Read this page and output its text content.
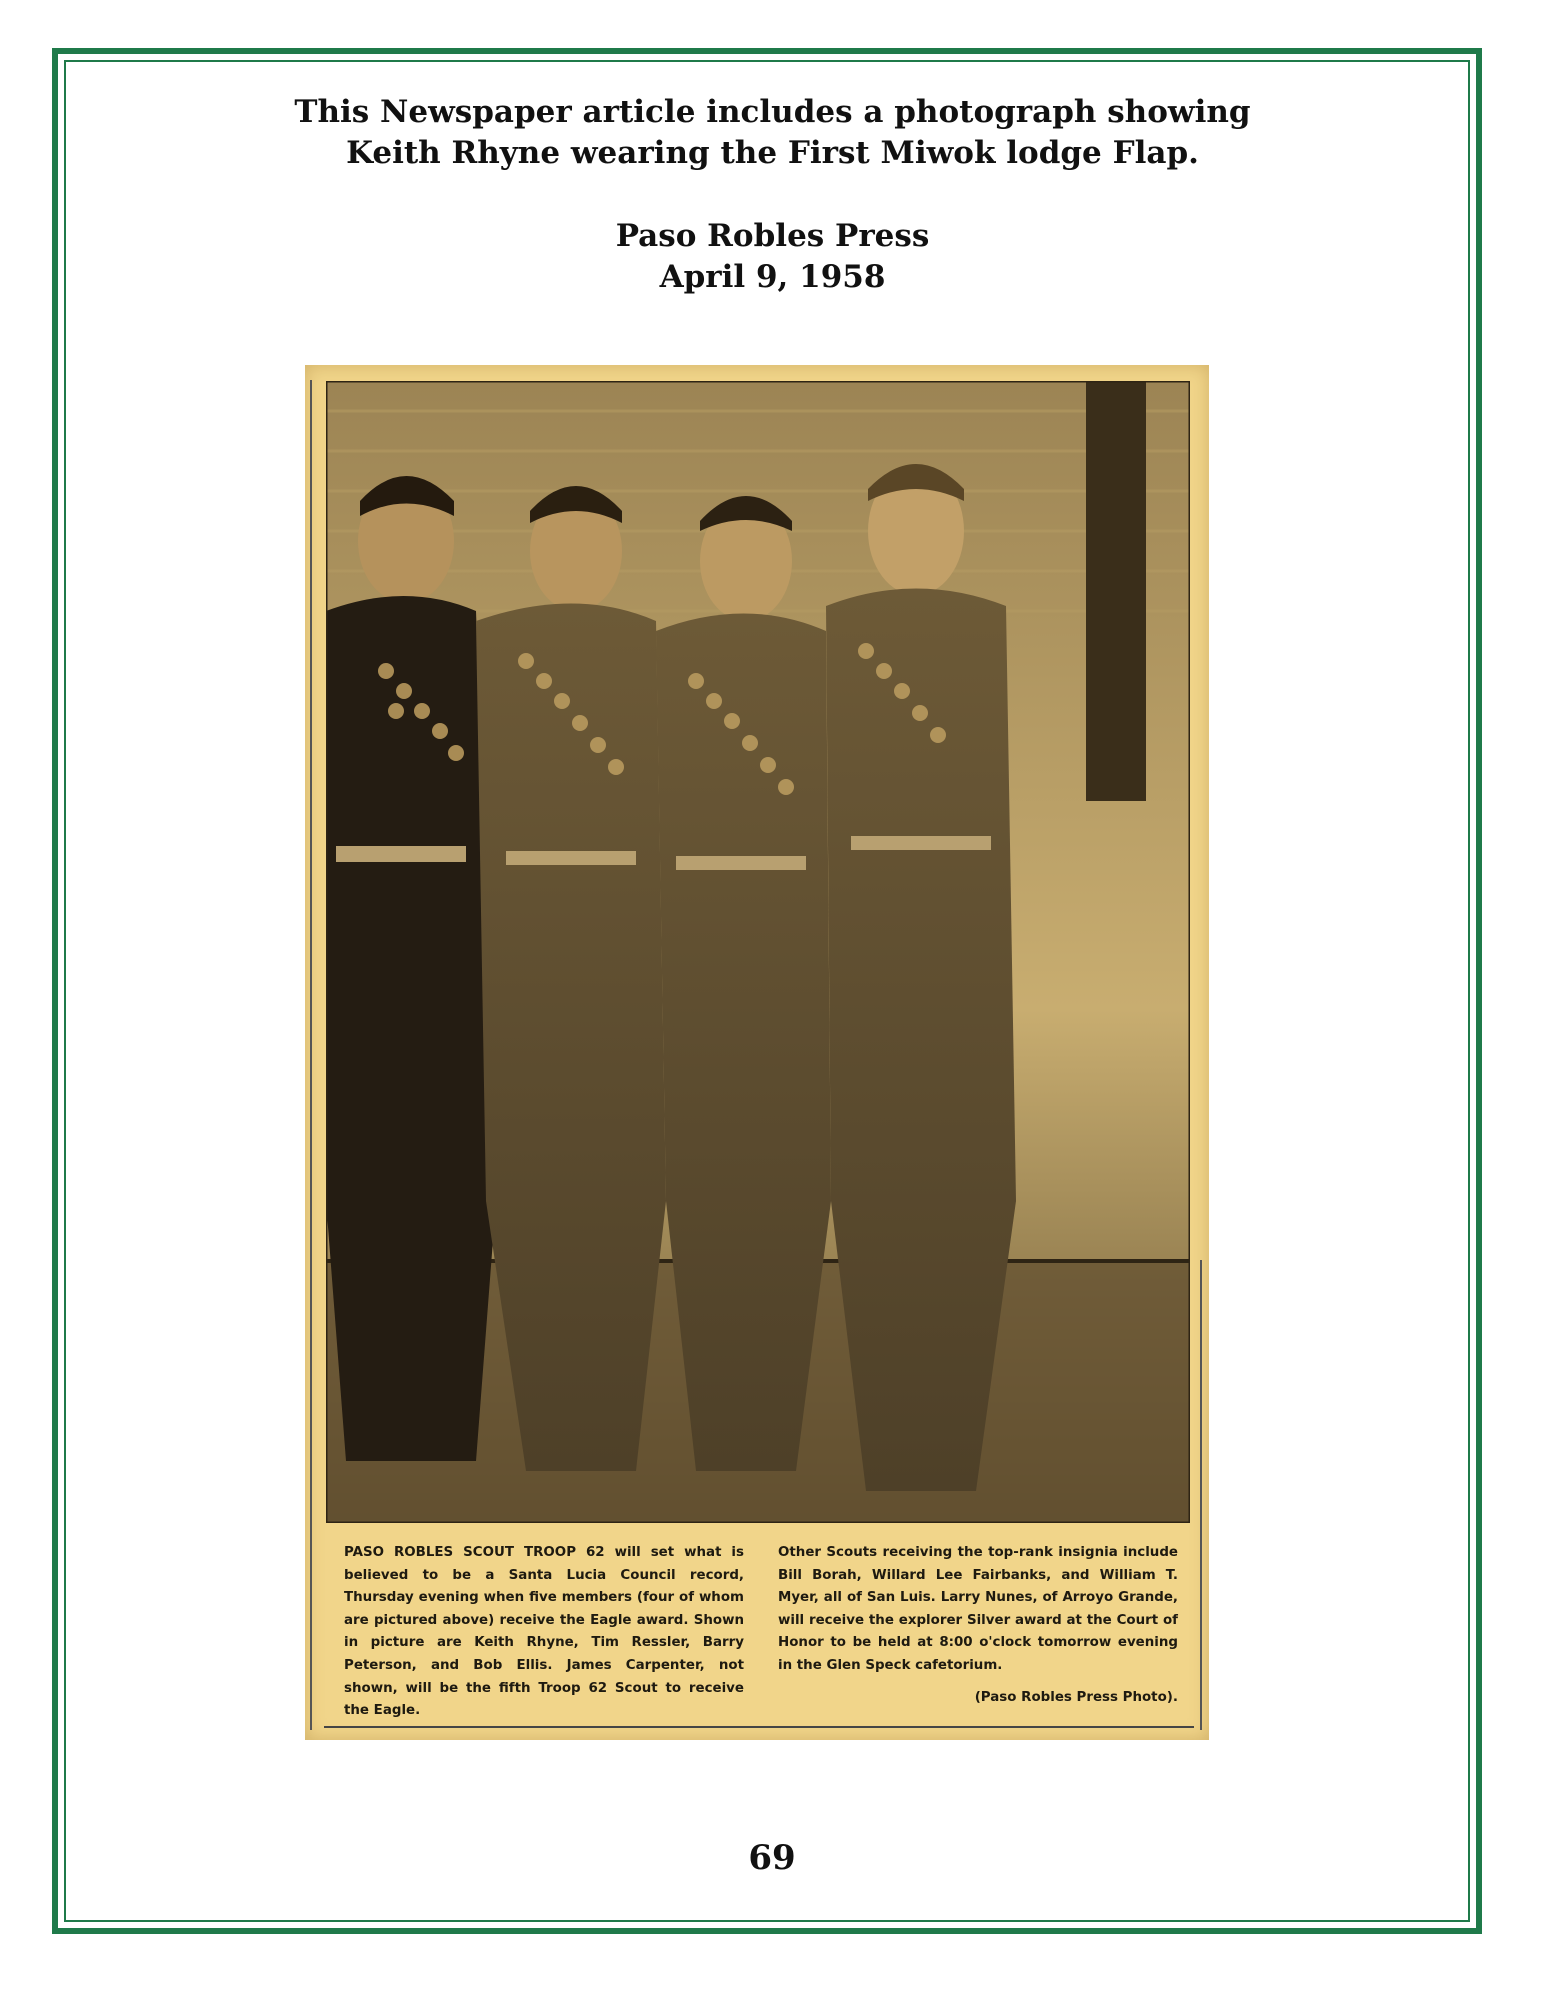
This Newspaper article includes a photograph showing
Keith Rhyne wearing the First Miwok lodge Flap.
Paso Robles Press
April 9, 1958
PASO ROBLES SCOUT TROOP 62 will set what is believed to be a Santa Lucia Council record, Thursday evening when five members (four of whom are pictured above) receive the Eagle award. Shown in picture are Keith Rhyne, Tim Ressler, Barry Peterson, and Bob Ellis. James Carpenter, not shown, will be the fifth Troop 62 Scout to receive the Eagle.
Other Scouts receiving the top-rank insignia include Bill Borah, Willard Lee Fairbanks, and William T. Myer, all of San Luis. Larry Nunes, of Arroyo Grande, will receive the explorer Silver award at the Court of Honor to be held at 8:00 o'clock tomorrow evening in the Glen Speck cafetorium.
(Paso Robles Press Photo).
69
